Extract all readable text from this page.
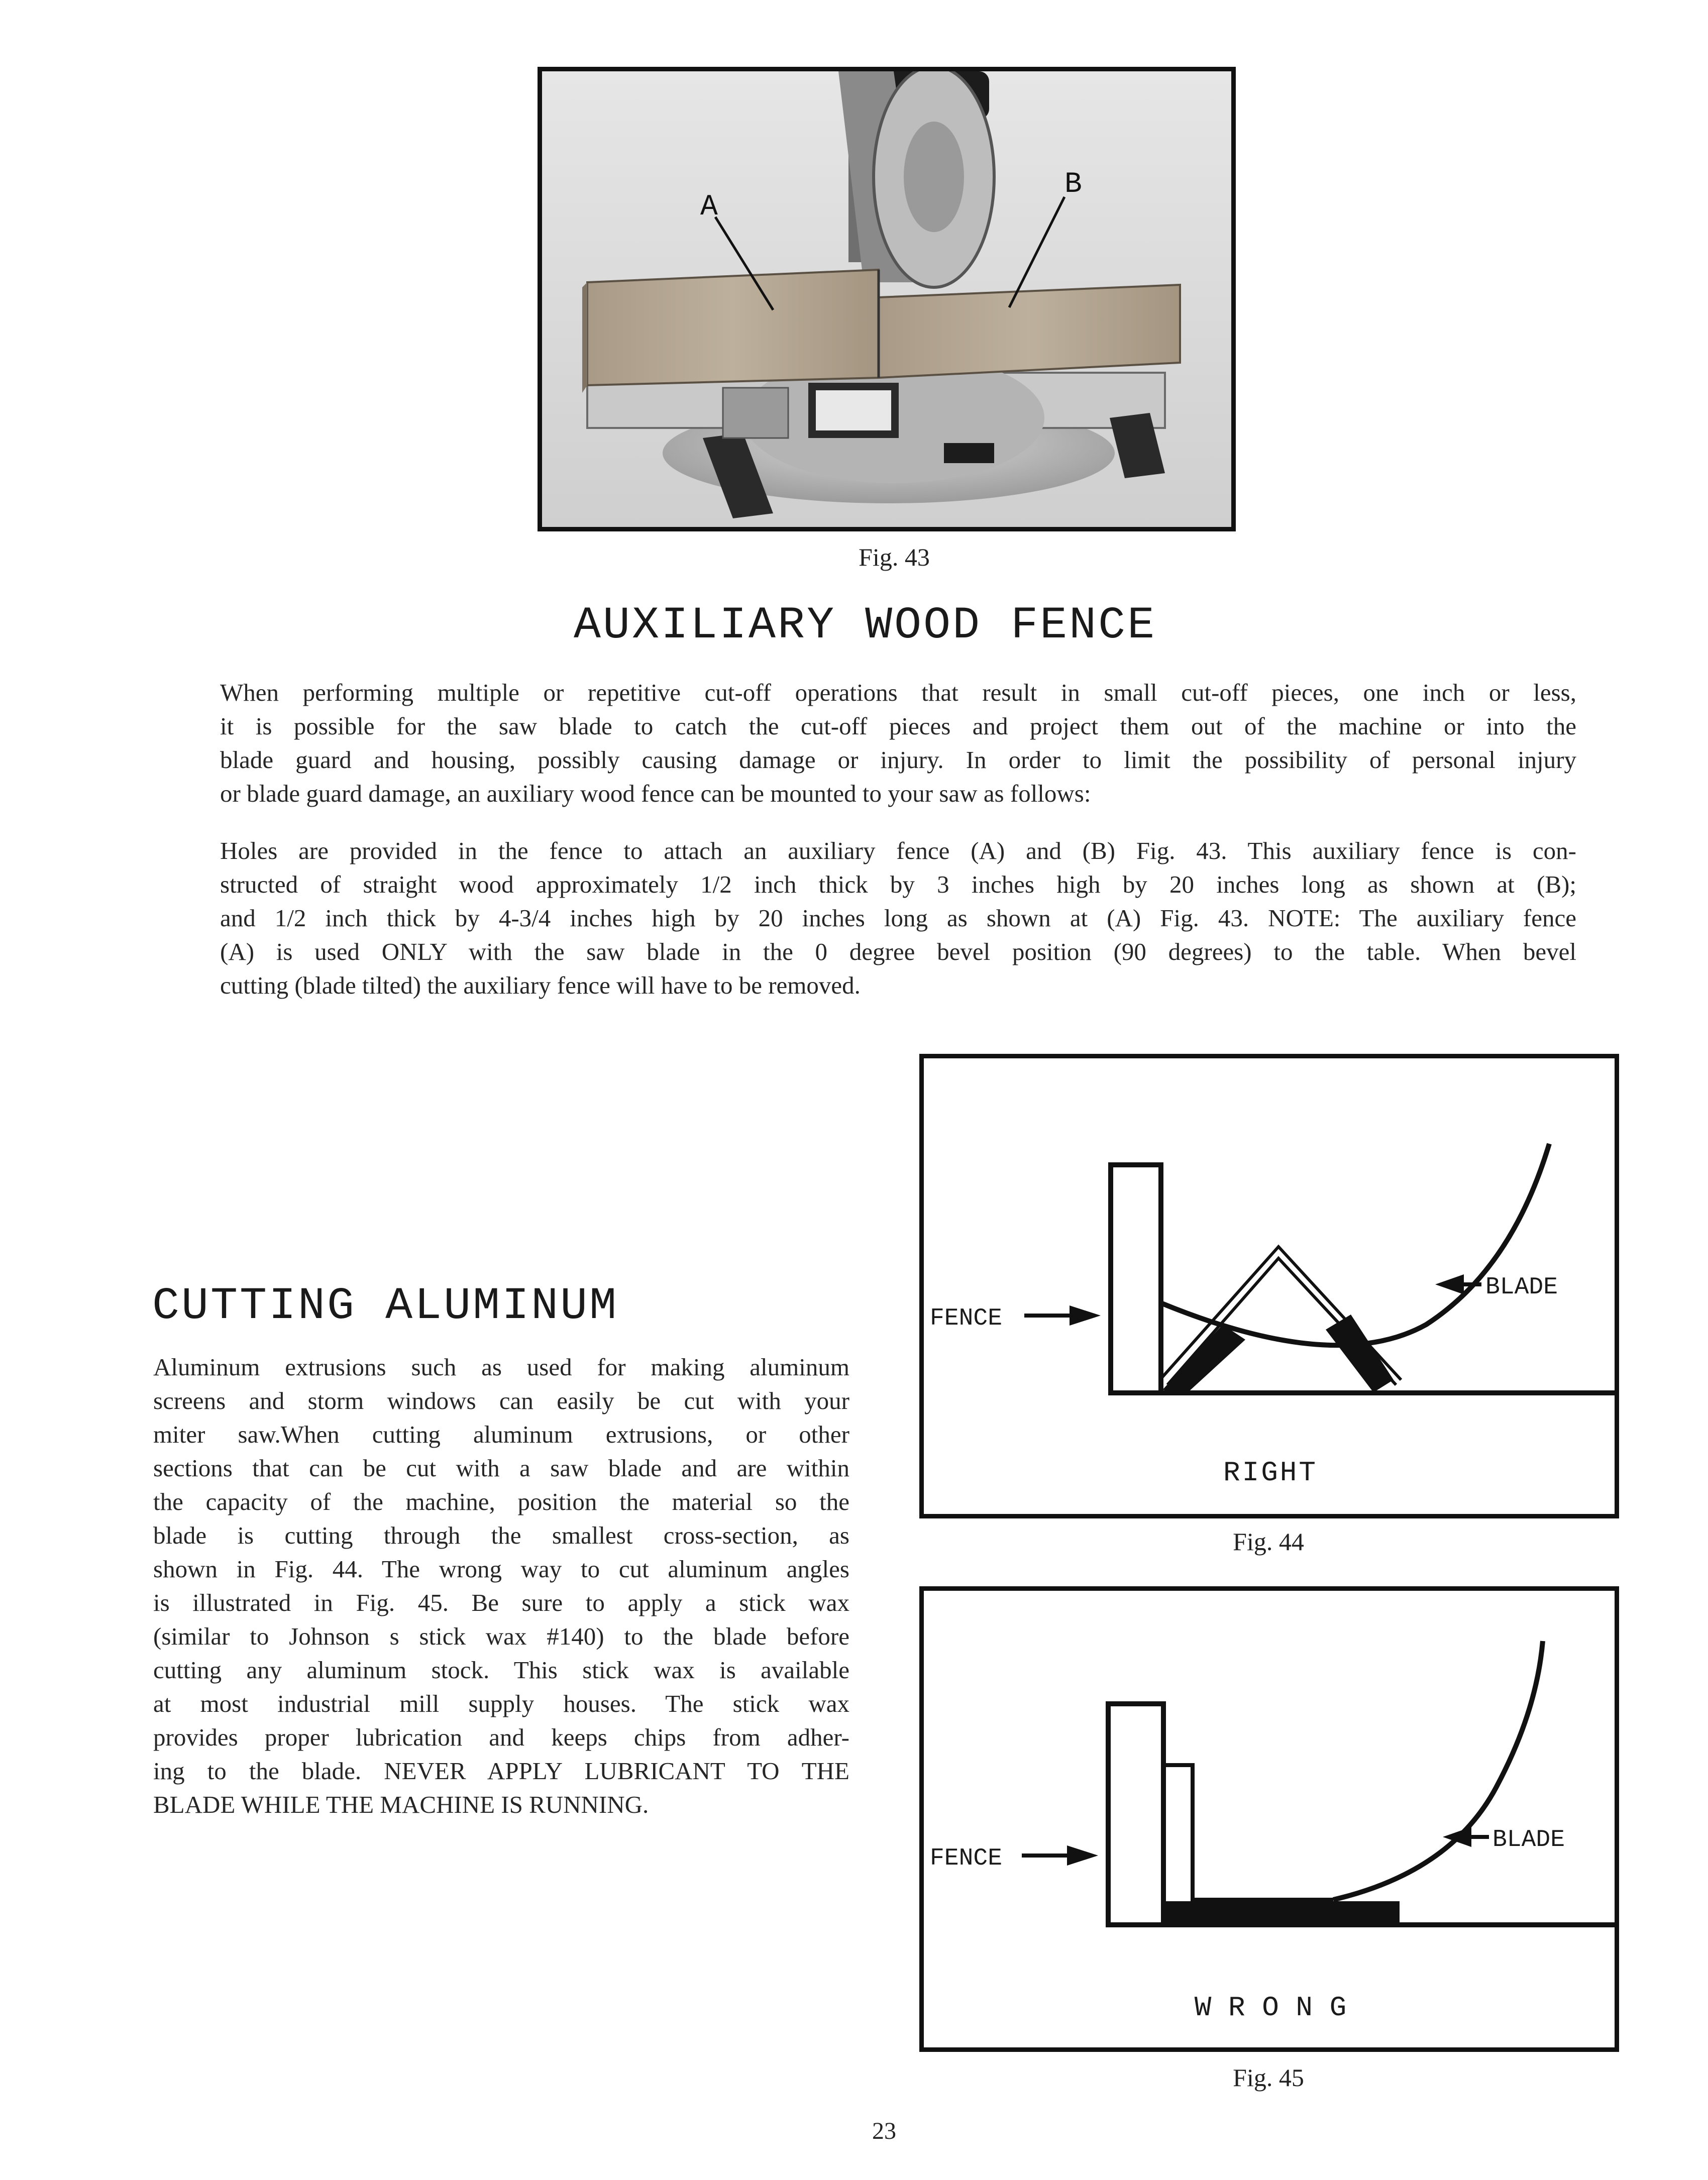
A
B
Fig. 43
AUXILIARY WOOD FENCE
When performing multiple or repetitive cut-off operations that result in small cut-off pieces, one inch or less,
it is possible for the saw blade to catch the cut-off pieces and project them out of the machine or into the
blade guard and housing, possibly causing damage or injury. In order to limit the possibility of personal injury
or blade guard damage, an auxiliary wood fence can be mounted to your saw as follows:
Holes are provided in the fence to attach an auxiliary fence (A) and (B) Fig. 43. This auxiliary fence is con-
structed of straight wood approximately 1/2 inch thick by 3 inches high by 20 inches long as shown at (B);
and 1/2 inch thick by 4-3/4 inches high by 20 inches long as shown at (A) Fig. 43. NOTE: The auxiliary fence
(A) is used ONLY with the saw blade in the 0 degree bevel position (90 degrees) to the table. When bevel
cutting (blade tilted) the auxiliary fence will have to be removed.
CUTTING ALUMINUM
Aluminum extrusions such as used for making aluminum
screens and storm windows can easily be cut with your
miter saw.When cutting aluminum extrusions, or other
sections that can be cut with a saw blade and are within
the capacity of the machine, position the material so the
blade is cutting through the smallest cross-section, as
shown in Fig. 44. The wrong way to cut aluminum angles
is illustrated in Fig. 45. Be sure to apply a stick wax
(similar to Johnson s stick wax #140) to the blade before
cutting any aluminum stock. This stick wax is available
at most industrial mill supply houses. The stick wax
provides proper lubrication and keeps chips from adher-
ing to the blade. NEVER APPLY LUBRICANT TO THE
BLADE WHILE THE MACHINE IS RUNNING.
FENCE
BLADE
RIGHT
Fig. 44
FENCE
BLADE
W R O N G
Fig. 45
23
